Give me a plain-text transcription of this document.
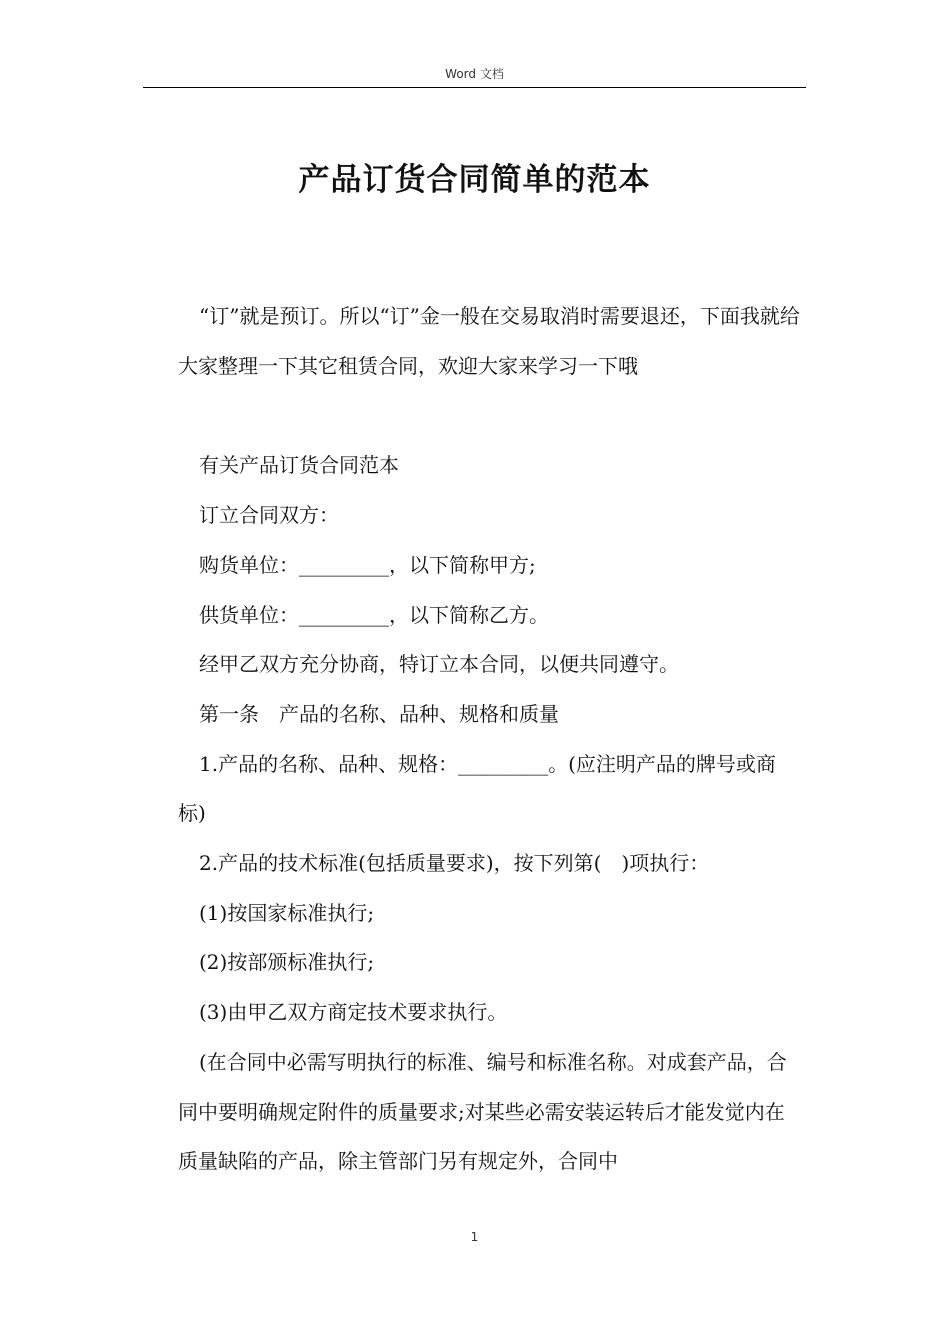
Word 文档
产品订货合同简单的范本

“订”就是预订。所以“订”金一般在交易取消时需要退还，下面我就给大家整理一下其它租赁合同，欢迎大家来学习一下哦

有关产品订货合同范本

订立合同双方：

购货单位：_________，以下简称甲方;

供货单位：_________，以下简称乙方。

经甲乙双方充分协商，特订立本合同，以便共同遵守。

第一条　产品的名称、品种、规格和质量

1.产品的名称、品种、规格：_________。(应注明产品的牌号或商标)

2.产品的技术标准(包括质量要求)，按下列第(　)项执行：

(1)按国家标准执行;

(2)按部颁标准执行;

(3)由甲乙双方商定技术要求执行。

(在合同中必需写明执行的标准、编号和标准名称。对成套产品，合同中要明确规定附件的质量要求;对某些必需安装运转后才能发觉内在质量缺陷的产品，除主管部门另有规定外，合同中

1
